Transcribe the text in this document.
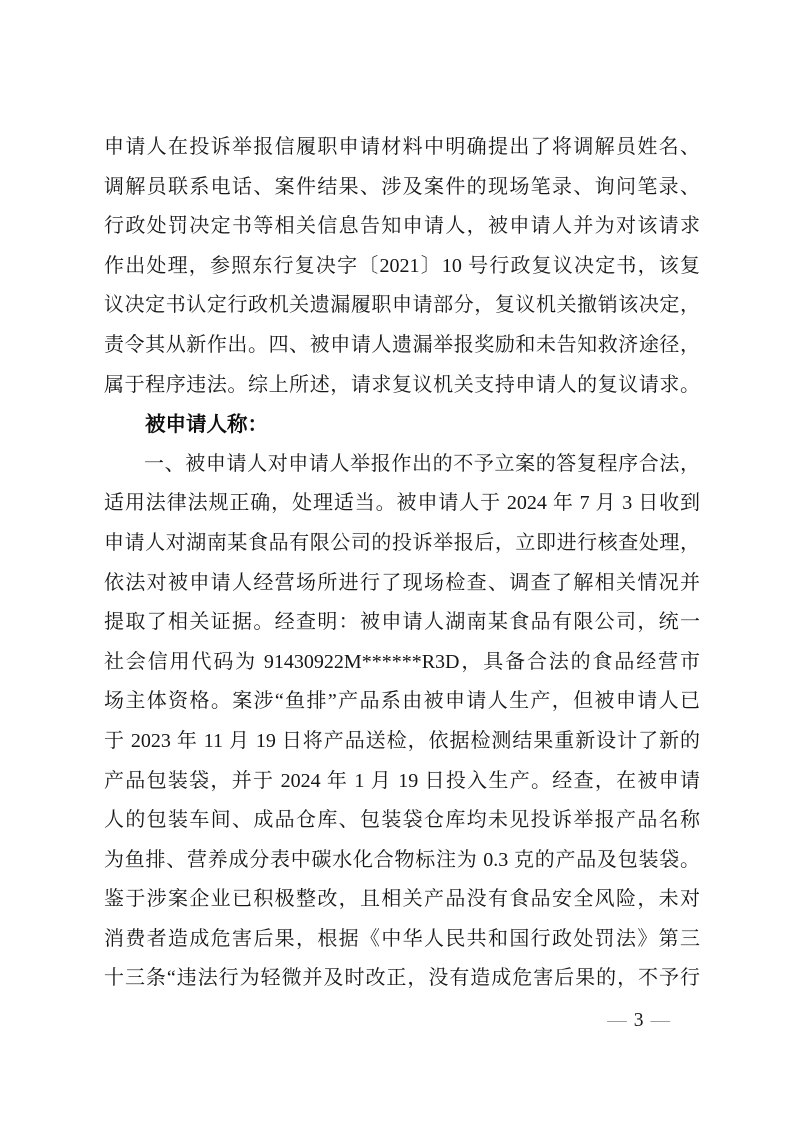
申请人在投诉举报信履职申请材料中明确提出了将调解员姓名、
调解员联系电话、案件结果、涉及案件的现场笔录、询问笔录、
行政处罚决定书等相关信息告知申请人，被申请人并为对该请求
作出处理，参照东行复决字〔2021〕10 号行政复议决定书，该复
议决定书认定行政机关遗漏履职申请部分，复议机关撤销该决定，
责令其从新作出。四、被申请人遗漏举报奖励和未告知救济途径，
属于程序违法。综上所述，请求复议机关支持申请人的复议请求。
被申请人称：
一、被申请人对申请人举报作出的不予立案的答复程序合法，
适用法律法规正确，处理适当。被申请人于 2024 年 7 月 3 日收到
申请人对湖南某食品有限公司的投诉举报后，立即进行核查处理，
依法对被申请人经营场所进行了现场检查、调查了解相关情况并
提取了相关证据。经查明：被申请人湖南某食品有限公司，统一
社会信用代码为 91430922M******R3D，具备合法的食品经营市
场主体资格。案涉“鱼排”产品系由被申请人生产，但被申请人已
于 2023 年 11 月 19 日将产品送检，依据检测结果重新设计了新的
产品包装袋，并于 2024 年 1 月 19 日投入生产。经查，在被申请
人的包装车间、成品仓库、包装袋仓库均未见投诉举报产品名称
为鱼排、营养成分表中碳水化合物标注为 0.3 克的产品及包装袋。
鉴于涉案企业已积极整改，且相关产品没有食品安全风险，未对
消费者造成危害后果，根据《中华人民共和国行政处罚法》第三
十三条“违法行为轻微并及时改正，没有造成危害后果的，不予行
— 3 —
